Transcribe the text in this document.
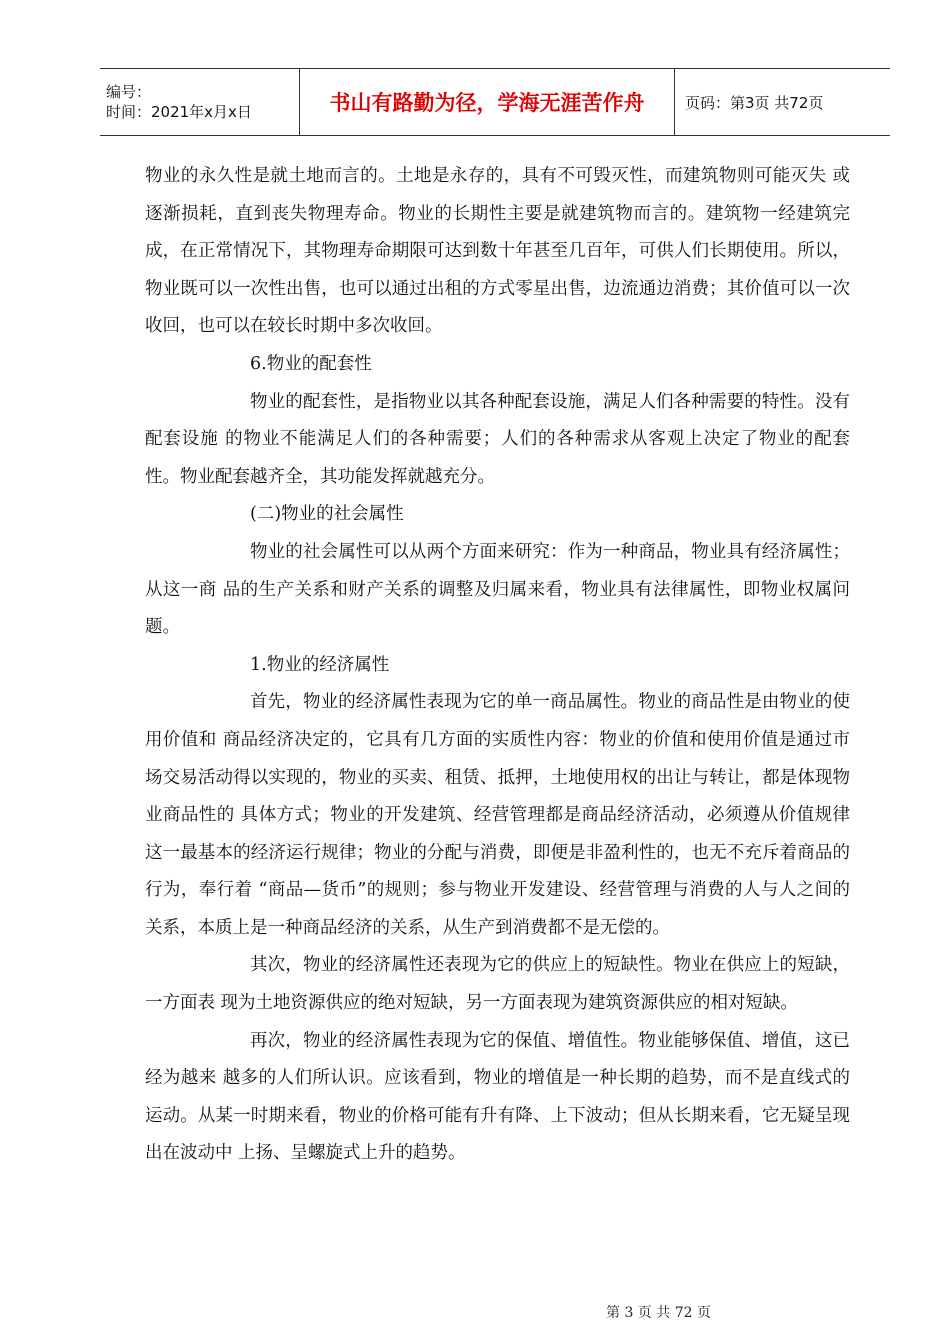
编号：
时间：2021年x月x日	书山有路勤为径，学海无涯苦作舟	页码：第3页 共72页

物业的永久性是就土地而言的。土地是永存的，具有不可毁灭性，而建筑物则可能灭失 或逐渐损耗，直到丧失物理寿命。物业的长期性主要是就建筑物而言的。建筑物一经建筑完成，在正常情况下，其物理寿命期限可达到数十年甚至几百年，可供人们长期使用。所以， 物业既可以一次性出售，也可以通过出租的方式零星出售，边流通边消费；其价值可以一次收回，也可以在较长时期中多次收回。

6.物业的配套性

物业的配套性，是指物业以其各种配套设施，满足人们各种需要的特性。没有配套设施 的物业不能满足人们的各种需要；人们的各种需求从客观上决定了物业的配套性。物业配套越齐全，其功能发挥就越充分。

(二)物业的社会属性

物业的社会属性可以从两个方面来研究：作为一种商品，物业具有经济属性；从这一商 品的生产关系和财产关系的调整及归属来看，物业具有法律属性，即物业权属问题。

1.物业的经济属性

首先，物业的经济属性表现为它的单一商品属性。物业的商品性是由物业的使用价值和 商品经济决定的，它具有几方面的实质性内容：物业的价值和使用价值是通过市场交易活动得以实现的，物业的买卖、租赁、抵押，土地使用权的出让与转让，都是体现物业商品性的 具体方式；物业的开发建筑、经营管理都是商品经济活动，必须遵从价值规律这一最基本的经济运行规律；物业的分配与消费，即便是非盈利性的，也无不充斥着商品的行为，奉行着 “商品—货币”的规则；参与物业开发建设、经营管理与消费的人与人之间的关系，本质上是一种商品经济的关系，从生产到消费都不是无偿的。

其次，物业的经济属性还表现为它的供应上的短缺性。物业在供应上的短缺，一方面表 现为土地资源供应的绝对短缺，另一方面表现为建筑资源供应的相对短缺。

再次，物业的经济属性表现为它的保值、增值性。物业能够保值、增值，这已经为越来 越多的人们所认识。应该看到，物业的增值是一种长期的趋势，而不是直线式的运动。从某一时期来看，物业的价格可能有升有降、上下波动；但从长期来看，它无疑呈现出在波动中 上扬、呈螺旋式上升的趋势。

第 3 页 共 72 页
